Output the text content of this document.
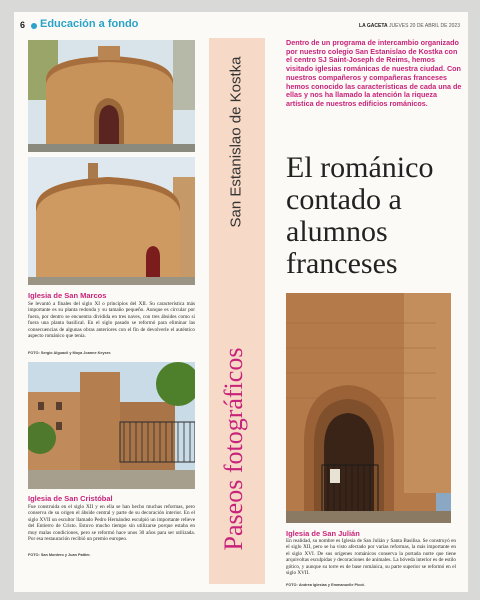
6 Educación a fondo	LA GACETA JUEVES 20 DE ABRIL DE 2023
Iglesia de San Marcos
Se levantó a finales del siglo XI o principios del XII. Su característica más importante es su planta redonda y su tamaño pequeño. Aunque es circular por fuera, por dentro se encuentra dividida en tres naves, con tres ábsides como si fuera una planta basilical. En el siglo pasado se reformó para eliminar las consecuencias de algunas obras anteriores con el fin de devolverle el auténtico aspecto románico que tenía.
FOTO: Sergio Alguacil y Moya Joanne Keyser.
Iglesia de San Cristóbal
Fue construida en el siglo XII y en ella se han hecho muchas reformas, pero conserva de su origen el ábside central y parte de su decoración interior. En el siglo XVII un escultor llamado Pedro Hernández esculpió un importante relieve del Entierro de Cristo. Estuvo mucho tiempo sin utilizarse porque estaba en muy malas condiciones, pero se reformó hace unos 30 años para ser utilizada. Por esa restauración recibió un premio europeo.
FOTO: San Montero y Juan Pattier.
San Estanislao de Kostka
Paseos fotográficos
Dentro de un programa de intercambio organizado por nuestro colegio San Estanislao de Kostka con el centro SJ Saint-Joseph de Reims, hemos visitado iglesias románicas de nuestra ciudad. Con nuestros compañeros y compañeras franceses hemos conocido las características de cada una de ellas y nos ha llamado la atención la riqueza artística de nuestros edificios románicos.
El románico contado a alumnos franceses
Iglesia de San Julián
En realidad, su nombre es Iglesia de San Julián y Santa Basilisa. Se construyó en el siglo XII, pero se ha visto afectado por varias reformas, la más importante en el siglo XVI. De sus orígenes románicos conserva la portada norte que tiene arquivoltas esculpidas y decoraciones de animales. La bóveda interior es de estilo gótico, y aunque su torre es de base románica, su parte superior se reformó en el siglo XVII.
FOTO: Andrea Iglesias y Emmanuelle Picot.
